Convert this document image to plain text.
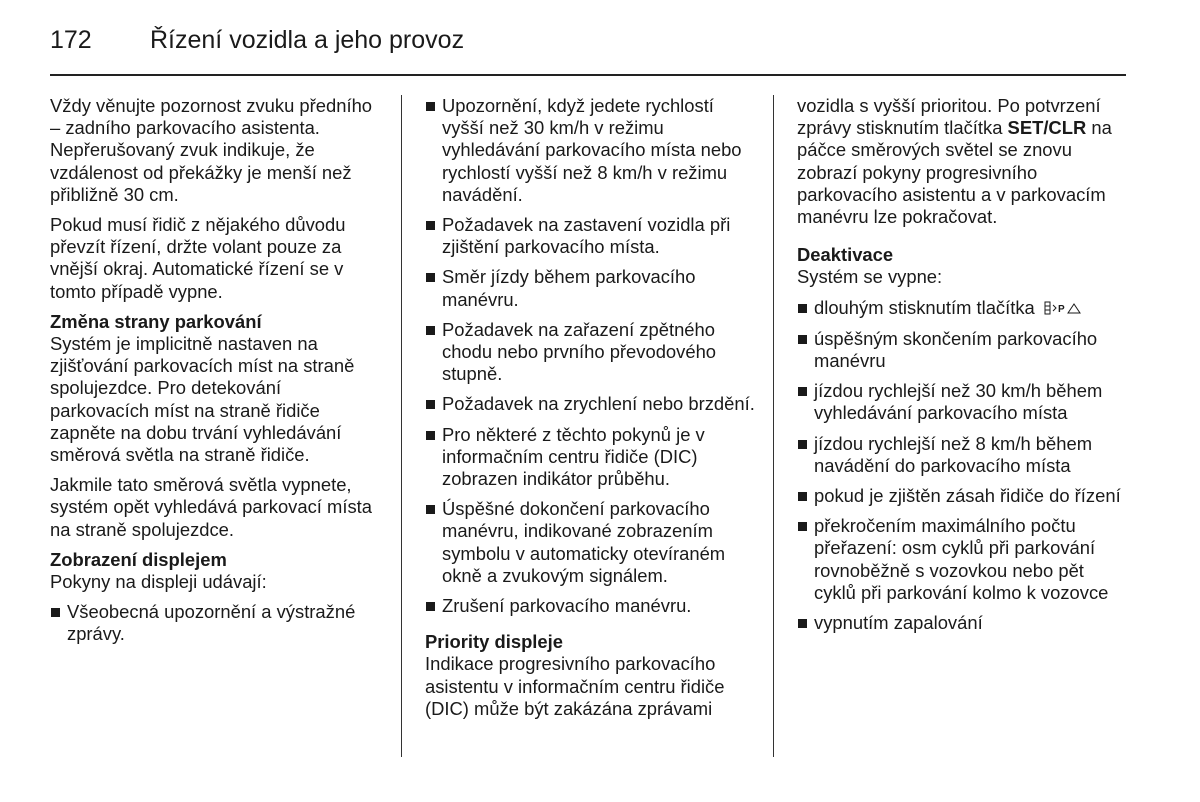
172 Řízení vozidla a jeho provoz

Vždy věnujte pozornost zvuku předního – zadního parkovacího asistenta. Nepřerušovaný zvuk indikuje, že vzdálenost od překážky je menší než přibližně 30 cm.

Pokud musí řidič z nějakého důvodu převzít řízení, držte volant pouze za vnější okraj. Automatické řízení se v tomto případě vypne.

Změna strany parkování

Systém je implicitně nastaven na zjišťování parkovacích míst na straně spolujezdce. Pro detekování parkovacích míst na straně řidiče zapněte na dobu trvání vyhledávání směrová světla na straně řidiče.

Jakmile tato směrová světla vypnete, systém opět vyhledává parkovací místa na straně spolujezdce.

Zobrazení displejem

Pokyny na displeji udávají:

Všeobecná upozornění a výstražné zprávy.
Upozornění, když jedete rychlostí vyšší než 30 km/h v režimu vyhledávání parkovacího místa nebo rychlostí vyšší než 8 km/h v režimu navádění.
Požadavek na zastavení vozidla při zjištění parkovacího místa.
Směr jízdy během parkovacího manévru.
Požadavek na zařazení zpětného chodu nebo prvního převodového stupně.
Požadavek na zrychlení nebo brzdění.
Pro některé z těchto pokynů je v informačním centru řidiče (DIC) zobrazen indikátor průběhu.
Úspěšné dokončení parkovacího manévru, indikované zobrazením symbolu v automaticky otevíraném okně a zvukovým signálem.
Zrušení parkovacího manévru.
Priority displeje

Indikace progresivního parkovacího asistentu v informačním centru řidiče (DIC) může být zakázána zprávami

vozidla s vyšší prioritou. Po potvrzení zprávy stisknutím tlačítka SET/CLR na páčce směrových světel se znovu zobrazí pokyny progresivního parkovacího asistentu a v parkovacím manévru lze pokračovat.

Deaktivace

Systém se vypne:

dlouhým stisknutím tlačítka P
úspěšným skončením parkovacího manévru
jízdou rychlejší než 30 km/h během vyhledávání parkovacího místa
jízdou rychlejší než 8 km/h během navádění do parkovacího místa
pokud je zjištěn zásah řidiče do řízení
překročením maximálního počtu přeřazení: osm cyklů při parkování rovnoběžně s vozovkou nebo pět cyklů při parkování kolmo k vozovce
vypnutím zapalování
